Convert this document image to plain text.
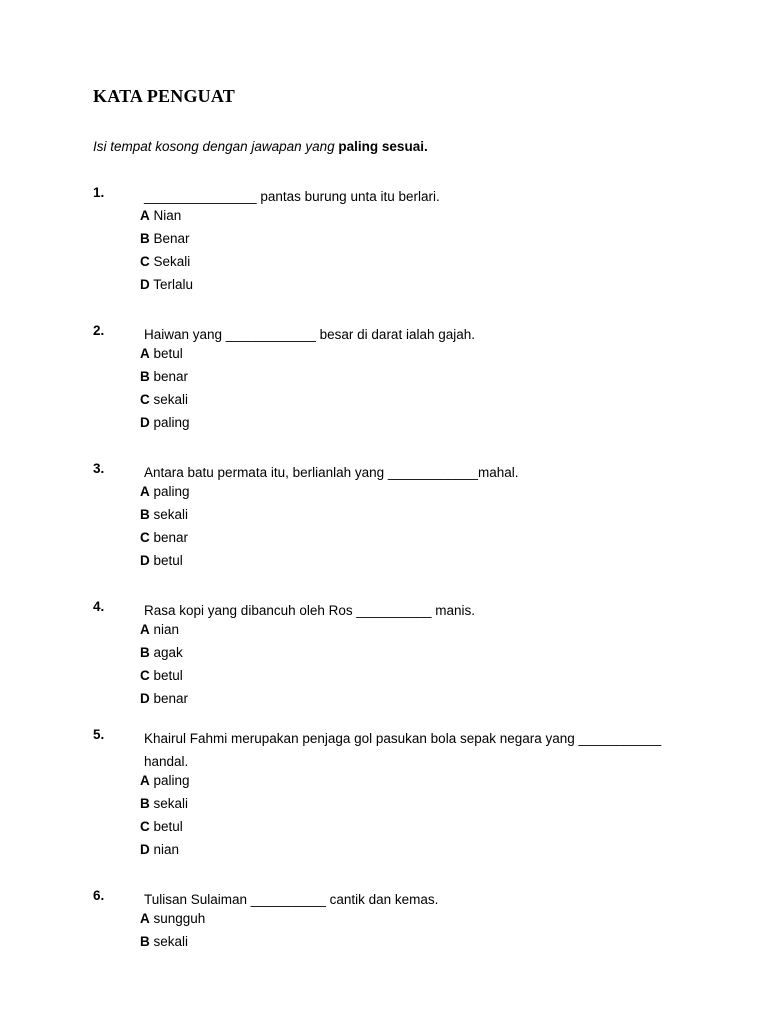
KATA PENGUAT
Isi tempat kosong dengan jawapan yang paling sesuai.
1.	_______________ pantas burung unta itu berlari.
A Nian
B Benar
C Sekali
D Terlalu
2.	Haiwan yang ____________ besar di darat ialah gajah.
A betul
B benar
C sekali
D paling
3.	Antara batu permata itu, berlianlah yang ____________mahal.
A paling
B sekali
C benar
D betul
4.	Rasa kopi yang dibancuh oleh Ros __________ manis.
A nian
B agak
C betul
D benar
5.	Khairul Fahmi merupakan penjaga gol pasukan bola sepak negara yang ___________ handal.
A paling
B sekali
C betul
D nian
6.	Tulisan Sulaiman __________ cantik dan kemas.
A sungguh
B sekali
